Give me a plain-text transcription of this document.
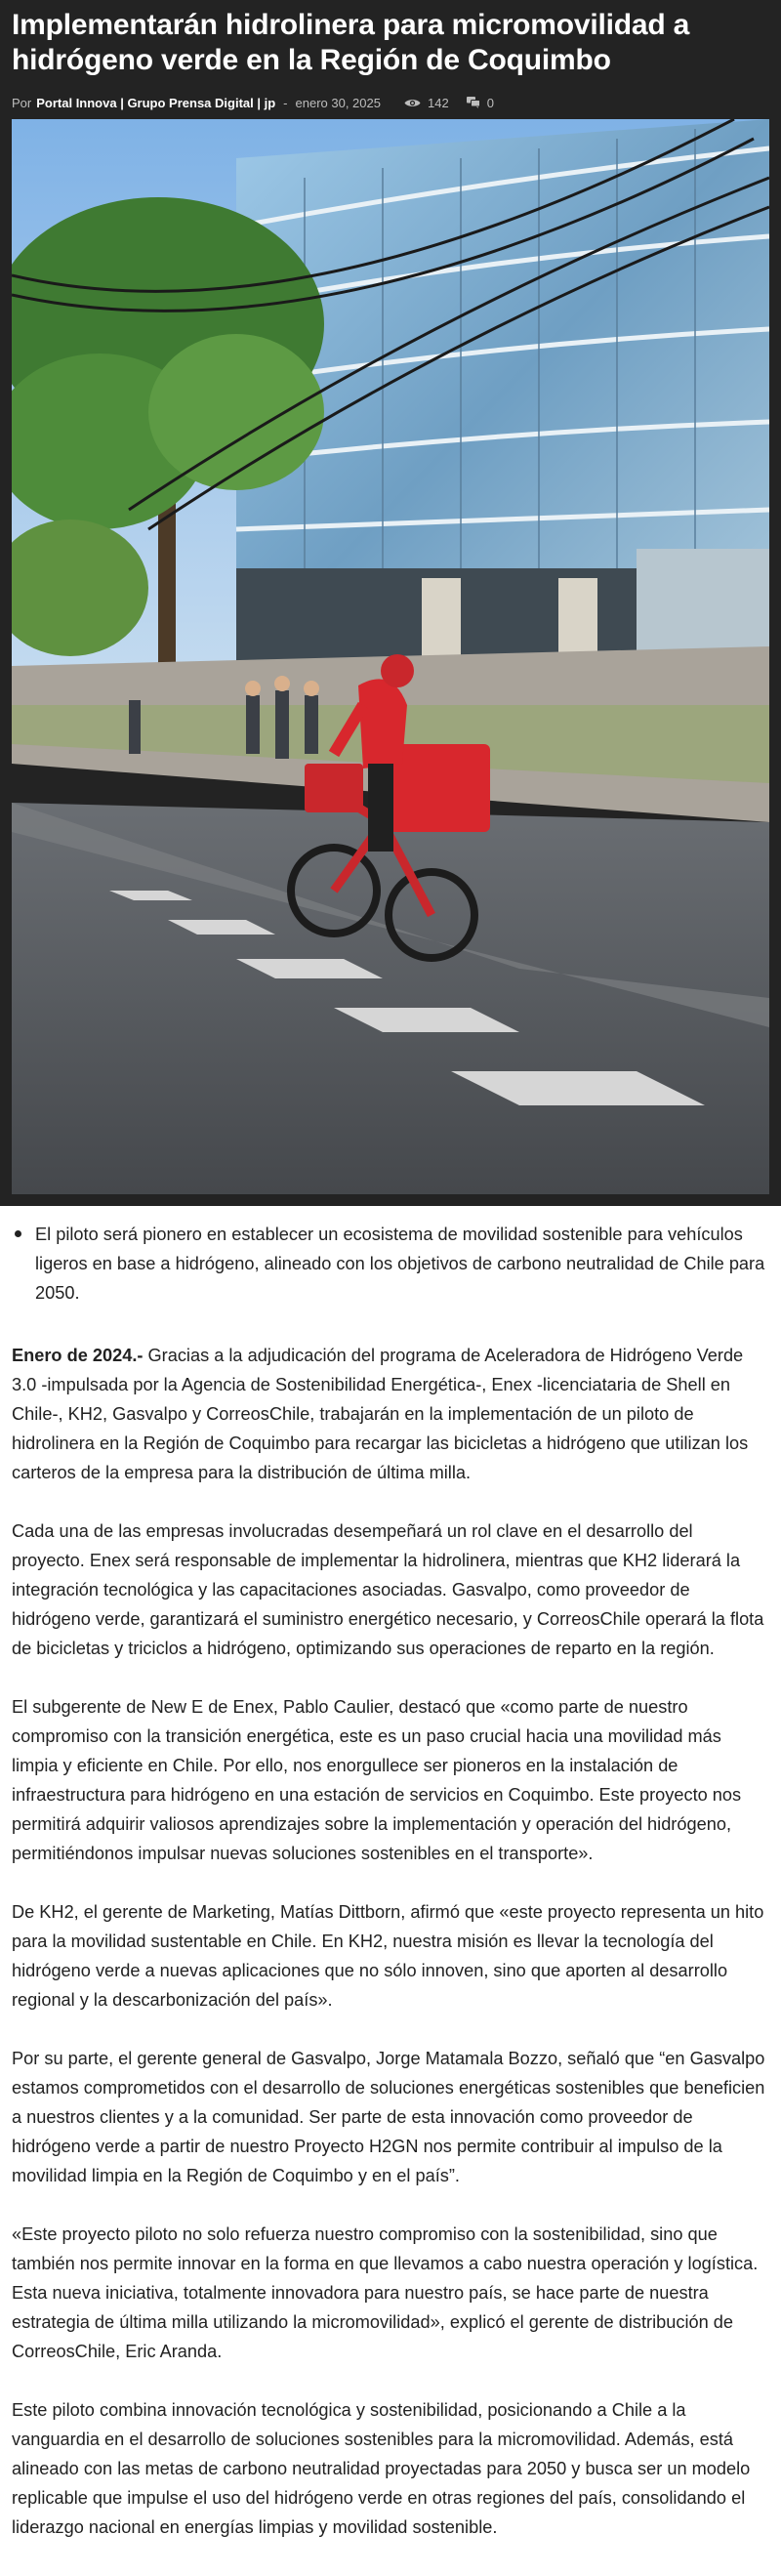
Implementarán hidrolinera para micromovilidad a hidrógeno verde en la Región de Coquimbo
Por Portal Innova | Grupo Prensa Digital | jp - enero 30, 2025	142	0
El piloto será pionero en establecer un ecosistema de movilidad sostenible para vehículos ligeros en base a hidrógeno, alineado con los objetivos de carbono neutralidad de Chile para 2050.

Enero de 2024.- Gracias a la adjudicación del programa de Aceleradora de Hidrógeno Verde 3.0 -impulsada por la Agencia de Sostenibilidad Energética-, Enex -licenciataria de Shell en Chile-, KH2, Gasvalpo y CorreosChile, trabajarán en la implementación de un piloto de hidrolinera en la Región de Coquimbo para recargar las bicicletas a hidrógeno que utilizan los carteros de la empresa para la distribución de última milla.

Cada una de las empresas involucradas desempeñará un rol clave en el desarrollo del proyecto. Enex será responsable de implementar la hidrolinera, mientras que KH2 liderará la integración tecnológica y las capacitaciones asociadas. Gasvalpo, como proveedor de hidrógeno verde, garantizará el suministro energético necesario, y CorreosChile operará la flota de bicicletas y triciclos a hidrógeno, optimizando sus operaciones de reparto en la región.

El subgerente de New E de Enex, Pablo Caulier, destacó que «como parte de nuestro compromiso con la transición energética, este es un paso crucial hacia una movilidad más limpia y eficiente en Chile. Por ello, nos enorgullece ser pioneros en la instalación de infraestructura para hidrógeno en una estación de servicios en Coquimbo. Este proyecto nos permitirá adquirir valiosos aprendizajes sobre la implementación y operación del hidrógeno, permitiéndonos impulsar nuevas soluciones sostenibles en el transporte».

De KH2, el gerente de Marketing, Matías Dittborn, afirmó que «este proyecto representa un hito para la movilidad sustentable en Chile. En KH2, nuestra misión es llevar la tecnología del hidrógeno verde a nuevas aplicaciones que no sólo innoven, sino que aporten al desarrollo regional y la descarbonización del país».

Por su parte, el gerente general de Gasvalpo, Jorge Matamala Bozzo, señaló que “en Gasvalpo estamos comprometidos con el desarrollo de soluciones energéticas sostenibles que beneficien a nuestros clientes y a la comunidad. Ser parte de esta innovación como proveedor de hidrógeno verde a partir de nuestro Proyecto H2GN nos permite contribuir al impulso de la movilidad limpia en la Región de Coquimbo y en el país”.

«Este proyecto piloto no solo refuerza nuestro compromiso con la sostenibilidad, sino que también nos permite innovar en la forma en que llevamos a cabo nuestra operación y logística. Esta nueva iniciativa, totalmente innovadora para nuestro país, se hace parte de nuestra estrategia de última milla utilizando la micromovilidad», explicó el gerente de distribución de CorreosChile, Eric Aranda.

Este piloto combina innovación tecnológica y sostenibilidad, posicionando a Chile a la vanguardia en el desarrollo de soluciones sostenibles para la micromovilidad. Además, está alineado con las metas de carbono neutralidad proyectadas para 2050 y busca ser un modelo replicable que impulse el uso del hidrógeno verde en otras regiones del país, consolidando el liderazgo nacional en energías limpias y movilidad sostenible.
